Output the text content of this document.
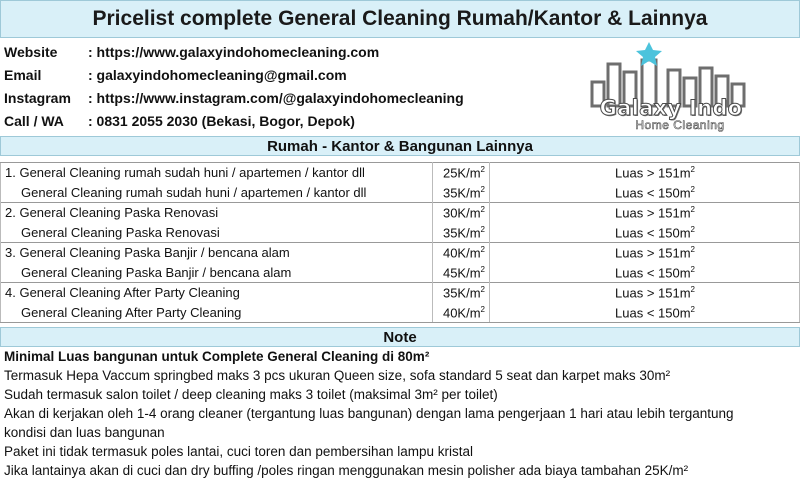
Pricelist complete General Cleaning Rumah/Kantor & Lainnya
Website	: https://www.galaxyindohomecleaning.com
Email	: galaxyindohomecleaning@gmail.com
Instagram	: https://www.instagram.com/@galaxyindohomecleaning
Call / WA	: 0831 2055 2030 (Bekasi, Bogor, Depok)
Galaxy Indo
Home Cleaning
Rumah - Kantor & Bangunan Lainnya
1. General Cleaning rumah sudah huni / apartemen / kantor dll	$25K/m^2$	Luas > $151m^2$
General Cleaning rumah sudah huni / apartemen / kantor dll	$35K/m^2$	Luas < $150m^2$
2. General Cleaning Paska Renovasi	$30K/m^2$	Luas > $151m^2$
General Cleaning Paska Renovasi	$35K/m^2$	Luas < $150m^2$
3. General Cleaning Paska Banjir / bencana alam	$40K/m^2$	Luas > $151m^2$
General Cleaning Paska Banjir / bencana alam	$45K/m^2$	Luas < $150m^2$
4. General Cleaning After Party Cleaning	$35K/m^2$	Luas > $151m^2$
General Cleaning After Party Cleaning	$40K/m^2$	Luas < $150m^2$
Note
Minimal Luas bangunan untuk Complete General Cleaning di 80m²
Termasuk Hepa Vaccum springbed maks 3 pcs ukuran Queen size, sofa standard 5 seat dan karpet maks 30m²
Sudah termasuk salon toilet / deep cleaning maks 3 toilet (maksimal 3m² per toilet)
Akan di kerjakan oleh 1-4 orang cleaner (tergantung luas bangunan) dengan lama pengerjaan 1 hari atau lebih tergantung
kondisi dan luas bangunan
Paket ini tidak termasuk poles lantai, cuci toren dan pembersihan lampu kristal
Jika lantainya akan di cuci dan dry buffing /poles ringan menggunakan mesin polisher ada biaya tambahan 25K/m²
